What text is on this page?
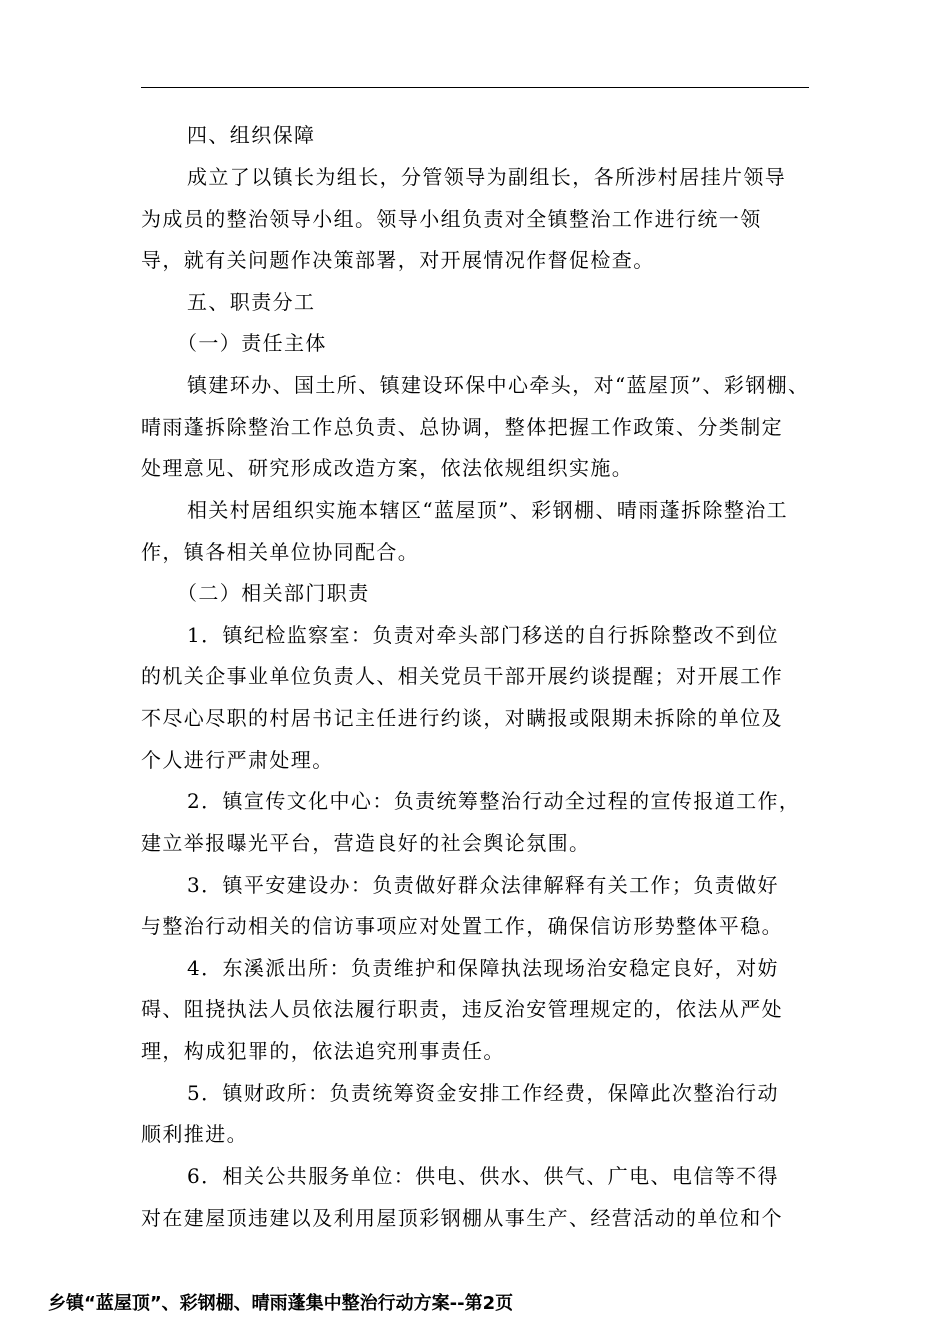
四、组织保障
成立了以镇长为组长，分管领导为副组长，各所涉村居挂片领导
为成员的整治领导小组。领导小组负责对全镇整治工作进行统一领
导，就有关问题作决策部署，对开展情况作督促检查。
五、职责分工
（一）责任主体
镇建环办、国土所、镇建设环保中心牵头，对“蓝屋顶”、彩钢棚、
晴雨蓬拆除整治工作总负责、总协调，整体把握工作政策、分类制定
处理意见、研究形成改造方案，依法依规组织实施。
相关村居组织实施本辖区“蓝屋顶”、彩钢棚、晴雨蓬拆除整治工
作，镇各相关单位协同配合。
（二）相关部门职责
1．镇纪检监察室：负责对牵头部门移送的自行拆除整改不到位
的机关企事业单位负责人、相关党员干部开展约谈提醒；对开展工作
不尽心尽职的村居书记主任进行约谈，对瞒报或限期未拆除的单位及
个人进行严肃处理。
2．镇宣传文化中心：负责统筹整治行动全过程的宣传报道工作，
建立举报曝光平台，营造良好的社会舆论氛围。
3．镇平安建设办：负责做好群众法律解释有关工作；负责做好
与整治行动相关的信访事项应对处置工作，确保信访形势整体平稳。
4．东溪派出所：负责维护和保障执法现场治安稳定良好，对妨
碍、阻挠执法人员依法履行职责，违反治安管理规定的，依法从严处
理，构成犯罪的，依法追究刑事责任。
5．镇财政所：负责统筹资金安排工作经费，保障此次整治行动
顺利推进。
6．相关公共服务单位：供电、供水、供气、广电、电信等不得
对在建屋顶违建以及利用屋顶彩钢棚从事生产、经营活动的单位和个
乡镇“蓝屋顶”、彩钢棚、晴雨蓬集中整治行动方案--第2页
